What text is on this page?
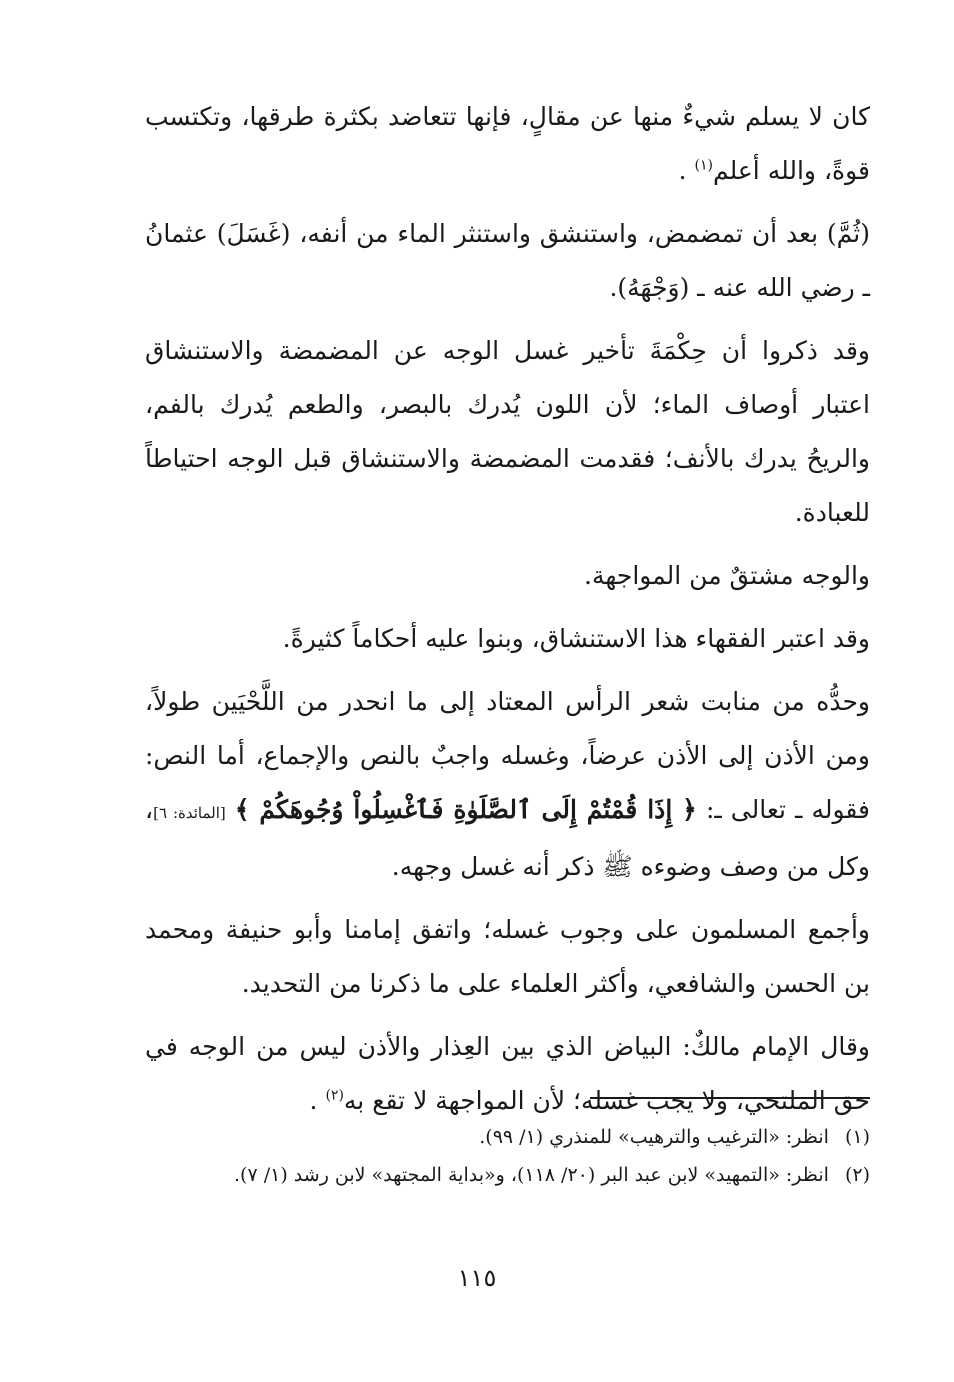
كان لا يسلم شيءٌ منها عن مقالٍ، فإنها تتعاضد بكثرة طرقها، وتكتسب قوةً، والله أعلم$^{(١)}$ .

(ثُمَّ) بعد أن تمضمض، واستنشق واستنثر الماء من أنفه، (غَسَلَ) عثمانُ ـ رضي الله عنه ـ (وَجْهَهُ).

وقد ذكروا أن حِكْمَةَ تأخير غسل الوجه عن المضمضة والاستنشاق اعتبار أوصاف الماء؛ لأن اللون يُدرك بالبصر، والطعم يُدرك بالفم، والريحُ يدرك بالأنف؛ فقدمت المضمضة والاستنشاق قبل الوجه احتياطاً للعبادة.

والوجه مشتقٌ من المواجهة.

وقد اعتبر الفقهاء هذا الاستنشاق، وبنوا عليه أحكاماً كثيرةً.

وحدُّه من منابت شعر الرأس المعتاد إلى ما انحدر من اللَّحْيَين طولاً، ومن الأذن إلى الأذن عرضاً، وغسله واجبٌ بالنص والإجماع، أما النص: فقوله ـ تعالى ـ: ﴿ إِذَا قُمْتُمْ إِلَى ٱلصَّلَوٰةِ فَٱغْسِلُواْ وُجُوهَكُمْ ﴾ [المائدة: ٦]، وكل من وصف وضوءه ﷺ ذكر أنه غسل وجهه.

وأجمع المسلمون على وجوب غسله؛ واتفق إمامنا وأبو حنيفة ومحمد بن الحسن والشافعي، وأكثر العلماء على ما ذكرنا من التحديد.

وقال الإمام مالكٌ: البياض الذي بين العِذار والأذن ليس من الوجه في حق الملتحي، ولا يجب غسله؛ لأن المواجهة لا تقع به$^{(٢)}$ .

(١)
انظر: «الترغيب والترهيب» للمنذري (١/ ٩٩).
(٢)
انظر: «التمهيد» لابن عبد البر (٢٠/ ١١٨)، و«بداية المجتهد» لابن رشد (١/ ٧).
١١٥
